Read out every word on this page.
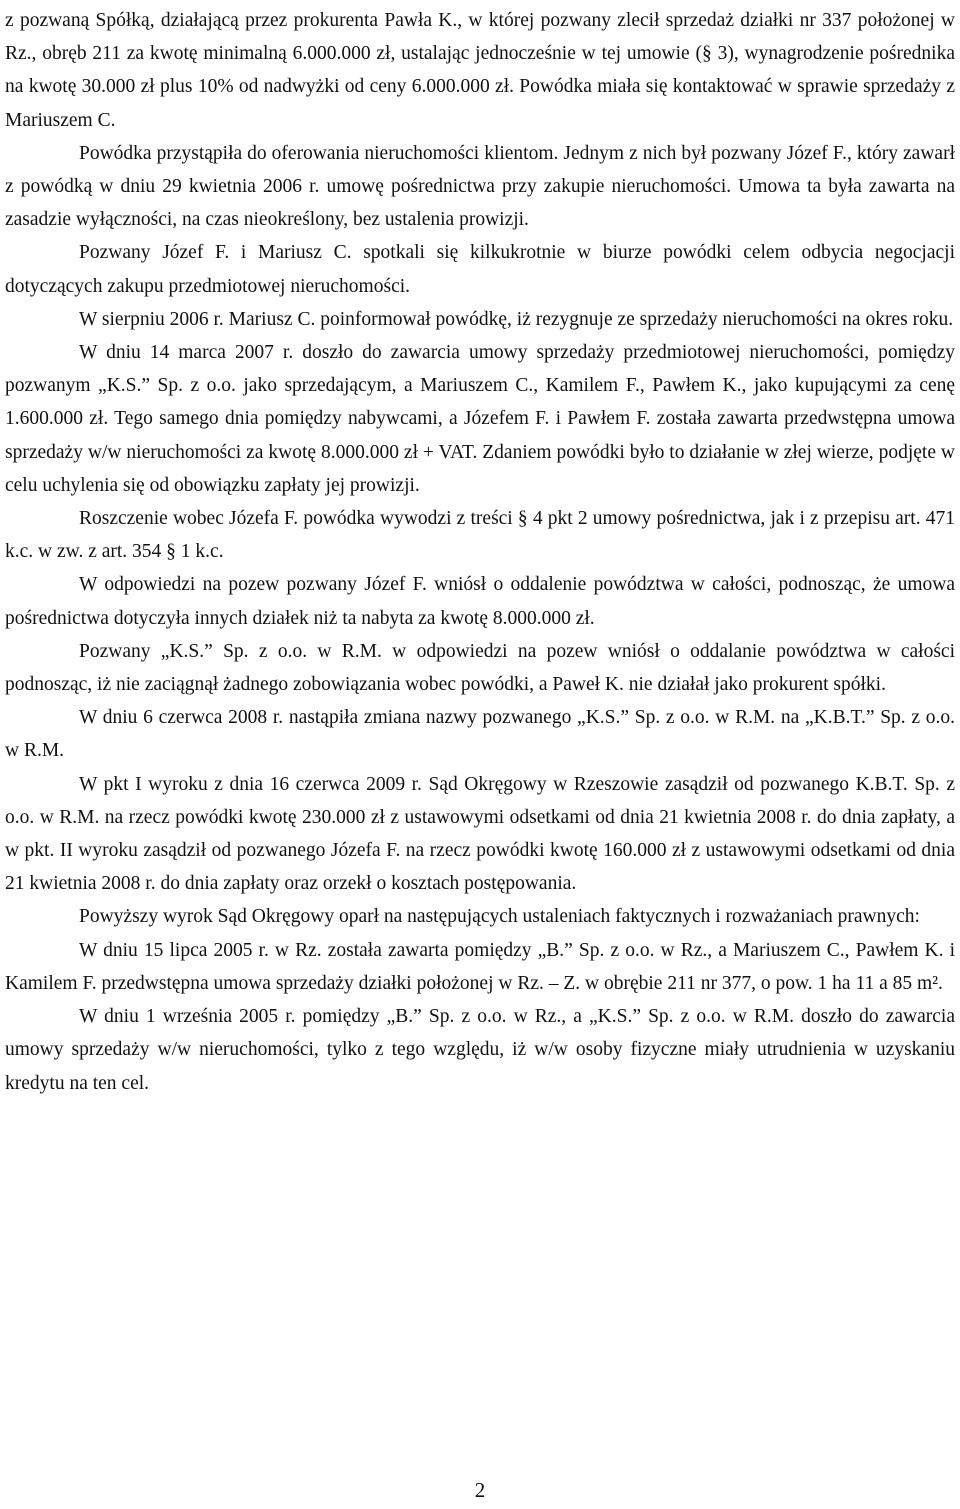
z pozwaną Spółką, działającą przez prokurenta Pawła K., w której pozwany zlecił sprzedaż działki nr 337 położonej w Rz., obręb 211 za kwotę minimalną 6.000.000 zł, ustalając jednocześnie w tej umowie (§ 3), wynagrodzenie pośrednika na kwotę 30.000 zł plus 10% od nadwyżki od ceny 6.000.000 zł. Powódka miała się kontaktować w sprawie sprzedaży z Mariuszem C.

Powódka przystąpiła do oferowania nieruchomości klientom. Jednym z nich był pozwany Józef F., który zawarł z powódką w dniu 29 kwietnia 2006 r. umowę pośrednictwa przy zakupie nieruchomości. Umowa ta była zawarta na zasadzie wyłączności, na czas nieokreślony, bez ustalenia prowizji.

Pozwany Józef F. i Mariusz C. spotkali się kilkukrotnie w biurze powódki celem odbycia negocjacji dotyczących zakupu przedmiotowej nieruchomości.

W sierpniu 2006 r. Mariusz C. poinformował powódkę, iż rezygnuje ze sprzedaży nieruchomości na okres roku.

W dniu 14 marca 2007 r. doszło do zawarcia umowy sprzedaży przedmiotowej nieruchomości, pomiędzy pozwanym „K.S.” Sp. z o.o. jako sprzedającym, a Mariuszem C., Kamilem F., Pawłem K., jako kupującymi za cenę 1.600.000 zł. Tego samego dnia pomiędzy nabywcami, a Józefem F. i Pawłem F. została zawarta przedwstępna umowa sprzedaży w/w nieruchomości za kwotę 8.000.000 zł + VAT. Zdaniem powódki było to działanie w złej wierze, podjęte w celu uchylenia się od obowiązku zapłaty jej prowizji.

Roszczenie wobec Józefa F. powódka wywodzi z treści § 4 pkt 2 umowy pośrednictwa, jak i z przepisu art. 471 k.c. w zw. z art. 354 § 1 k.c.

W odpowiedzi na pozew pozwany Józef F. wniósł o oddalenie powództwa w całości, podnosząc, że umowa pośrednictwa dotyczyła innych działek niż ta nabyta za kwotę 8.000.000 zł.

Pozwany „K.S.” Sp. z o.o. w R.M. w odpowiedzi na pozew wniósł o oddalanie powództwa w całości podnosząc, iż nie zaciągnął żadnego zobowiązania wobec powódki, a Paweł K. nie działał jako prokurent spółki.

W dniu 6 czerwca 2008 r. nastąpiła zmiana nazwy pozwanego „K.S.” Sp. z o.o. w R.M. na „K.B.T.” Sp. z o.o. w R.M.

W pkt I wyroku z dnia 16 czerwca 2009 r. Sąd Okręgowy w Rzeszowie zasądził od pozwanego K.B.T. Sp. z o.o. w R.M. na rzecz powódki kwotę 230.000 zł z ustawowymi odsetkami od dnia 21 kwietnia 2008 r. do dnia zapłaty, a w pkt. II wyroku zasądził od pozwanego Józefa F. na rzecz powódki kwotę 160.000 zł z ustawowymi odsetkami od dnia 21 kwietnia 2008 r. do dnia zapłaty oraz orzekł o kosztach postępowania.

Powyższy wyrok Sąd Okręgowy oparł na następujących ustaleniach faktycznych i rozważaniach prawnych:

W dniu 15 lipca 2005 r. w Rz. została zawarta pomiędzy „B.” Sp. z o.o. w Rz., a Mariuszem C., Pawłem K. i Kamilem F. przedwstępna umowa sprzedaży działki położonej w Rz. – Z. w obrębie 211 nr 377, o pow. 1 ha 11 a 85 m².

W dniu 1 września 2005 r. pomiędzy „B.” Sp. z o.o. w Rz., a „K.S.” Sp. z o.o. w R.M. doszło do zawarcia umowy sprzedaży w/w nieruchomości, tylko z tego względu, iż w/w osoby fizyczne miały utrudnienia w uzyskaniu kredytu na ten cel.

2
